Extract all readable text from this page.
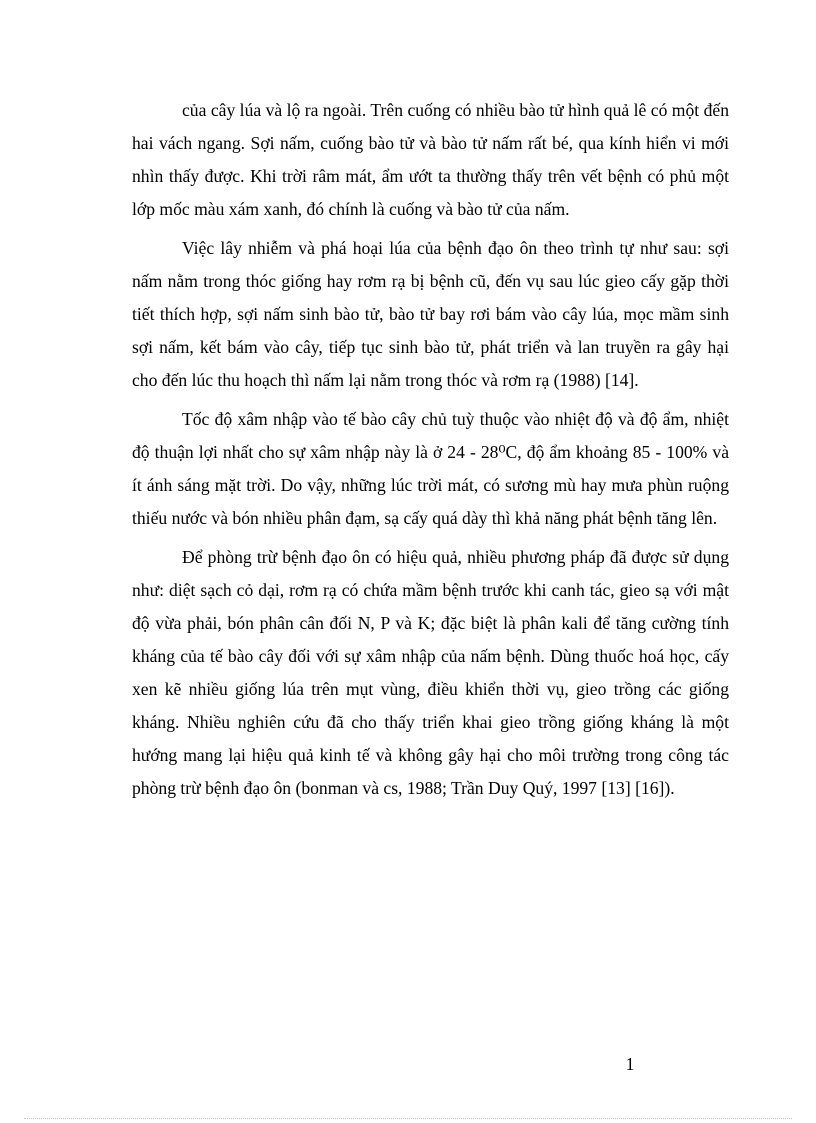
của cây lúa và lộ ra ngoài. Trên cuống có nhiều bào tử hình quả lê có một đến hai vách ngang. Sợi nấm, cuống bào tử và bào tử nấm rất bé, qua kính hiển vi mới nhìn thấy được. Khi trời râm mát, ẩm ướt ta thường thấy trên vết bệnh có phủ một lớp mốc màu xám xanh, đó chính là cuống và bào tử của nấm.

Việc lây nhiễm và phá hoại lúa của bệnh đạo ôn theo trình tự như sau: sợi nấm nằm trong thóc giống hay rơm rạ bị bệnh cũ, đến vụ sau lúc gieo cấy gặp thời tiết thích hợp, sợi nấm sinh bào tử, bào tử bay rơi bám vào cây lúa, mọc mầm sinh sợi nấm, kết bám vào cây, tiếp tục sinh bào tử, phát triển và lan truyền ra gây hại cho đến lúc thu hoạch thì nấm lại nằm trong thóc và rơm rạ (1988) [14].

Tốc độ xâm nhập vào tế bào cây chủ tuỳ thuộc vào nhiệt độ và độ ẩm, nhiệt độ thuận lợi nhất cho sự xâm nhập này là ở 24 - 28⁰C, độ ẩm khoảng 85 - 100% và ít ánh sáng mặt trời. Do vậy, những lúc trời mát, có sương mù hay mưa phùn ruộng thiếu nước và bón nhiều phân đạm, sạ cấy quá dày thì khả năng phát bệnh tăng lên.

Để phòng trừ bệnh đạo ôn có hiệu quả, nhiều phương pháp đã được sử dụng như: diệt sạch cỏ dại, rơm rạ có chứa mầm bệnh trước khi canh tác, gieo sạ với mật độ vừa phải, bón phân cân đối N, P và K; đặc biệt là phân kali để tăng cường tính kháng của tế bào cây đối với sự xâm nhập của nấm bệnh. Dùng thuốc hoá học, cấy xen kẽ nhiều giống lúa trên mụt vùng, điều khiển thời vụ, gieo trồng các giống kháng. Nhiều nghiên cứu đã cho thấy triển khai gieo trồng giống kháng là một hướng mang lại hiệu quả kinh tế và không gây hại cho môi trường trong công tác phòng trừ bệnh đạo ôn (bonman và cs, 1988; Trần Duy Quý, 1997 [13] [16]).

1
